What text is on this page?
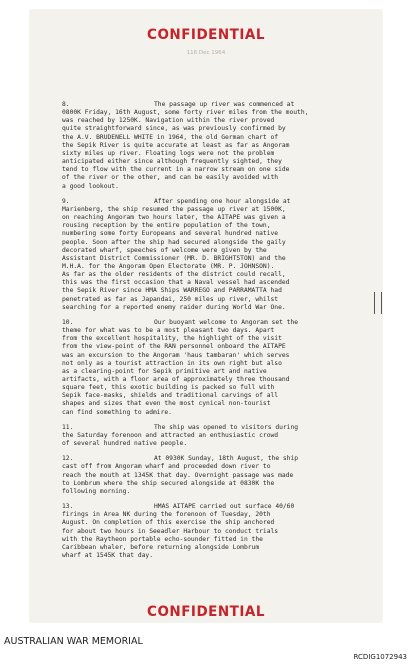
CONFIDENTIAL
116 Dec 1964
CONFIDENTIAL
8.	The passage up river was commenced at
0800K Friday, 16th August, some forty river miles from the mouth,
was reached by 1250K. Navigation within the river proved
quite straightforward since, as was previously confirmed by
the A.V. BRUDENELL WHITE in 1964, the old German chart of
the Sepik River is quite accurate at least as far as Angoram
sixty miles up river. Floating logs were not the problem
anticipated either since although frequently sighted, they
tend to flow with the current in a narrow stream on one side
of the river or the other, and can be easily avoided with
a good lookout.
9.	After spending one hour alongside at
Marienberg, the ship resumed the passage up river at 1500K,
on reaching Angoram two hours later, the AITAPE was given a
rousing reception by the entire population of the town,
numbering some forty Europeans and several hundred native
people. Soon after the ship had secured alongside the gaily
decorated wharf, speeches of welcome were given by the
Assistant District Commissioner (MR. D. BRIGHTSTON) and the
M.H.A. for the Angoram Open Electorate (MR. P. JOHNSON).
As far as the older residents of the district could recall,
this was the first occasion that a Naval vessel had ascended
the Sepik River since HMA Ships WARREGO and PARRAMATTA had
penetrated as far as Japandai, 250 miles up river, whilst
searching for a reported enemy raider during World War One.
10.	Our buoyant welcome to Angoram set the
theme for what was to be a most pleasant two days. Apart
from the excellent hospitality, the highlight of the visit
from the view-point of the RAN personnel onboard the AITAPE
was an excursion to the Angoram 'haus tambaran' which serves
not only as a tourist attraction in its own right but also
as a clearing-point for Sepik primitive art and native
artifacts, with a floor area of approximately three thousand
square feet, this exotic building is packed so full with
Sepik face-masks, shields and traditional carvings of all
shapes and sizes that even the most cynical non-tourist
can find something to admire.
11.	The ship was opened to visitors during
the Saturday forenoon and attracted an enthusiastic crowd
of several hundred native people.
12.	At 0930K Sunday, 18th August, the ship
cast off from Angoram wharf and proceeded down river to
reach the mouth at 1345K that day. Overnight passage was made
to Lombrum where the ship secured alongside at 0830K the
following morning.
13.	HMAS AITAPE carried out surface 40/60
firings in Area NK during the forenoon of Tuesday, 20th
August. On completion of this exercise the ship anchored
for about two hours in Seeadler Harbour to conduct trials
with the Raytheon portable echo-sounder fitted in the
Caribbean whaler, before returning alongside Lombrum
wharf at 1545K that day.
AUSTRALIAN WAR MEMORIAL
RCDIG1072943
